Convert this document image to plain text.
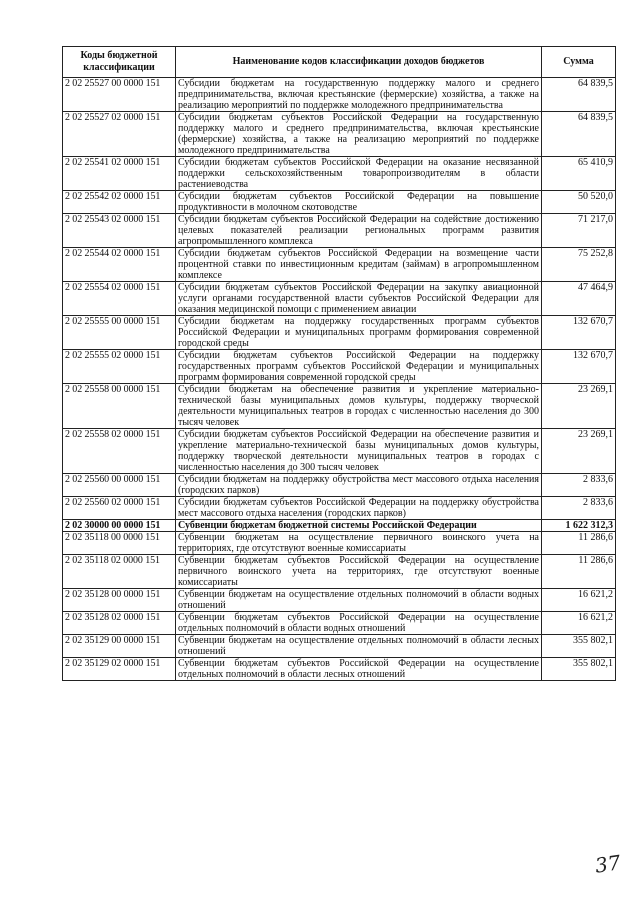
Коды бюджетной классификации	Наименование кодов классификации доходов бюджетов	Сумма
2 02 25527 00 0000 151	Субсидии бюджетам на государственную поддержку малого и среднего предпринимательства, включая крестьянские (фермерские) хозяйства, а также на реализацию мероприятий по поддержке молодежного предпринимательства	64 839,5
2 02 25527 02 0000 151	Субсидии бюджетам субъектов Российской Федерации на государственную поддержку малого и среднего предпринимательства, включая крестьянские (фермерские) хозяйства, а также на реализацию мероприятий по поддержке молодежного предпринимательства	64 839,5
2 02 25541 02 0000 151	Субсидии бюджетам субъектов Российской Федерации на оказание несвязанной поддержки сельскохозяйственным товаропроизводителям в области растениеводства	65 410,9
2 02 25542 02 0000 151	Субсидии бюджетам субъектов Российской Федерации на повышение продуктивности в молочном скотоводстве	50 520,0
2 02 25543 02 0000 151	Субсидии бюджетам субъектов Российской Федерации на содействие достижению целевых показателей реализации региональных программ развития агропромышленного комплекса	71 217,0
2 02 25544 02 0000 151	Субсидии бюджетам субъектов Российской Федерации на возмещение части процентной ставки по инвестиционным кредитам (займам) в агропромышленном комплексе	75 252,8
2 02 25554 02 0000 151	Субсидии бюджетам субъектов Российской Федерации на закупку авиационной услуги органами государственной власти субъектов Российской Федерации для оказания медицинской помощи с применением авиации	47 464,9
2 02 25555 00 0000 151	Субсидии бюджетам на поддержку государственных программ субъектов Российской Федерации и муниципальных программ формирования современной городской среды	132 670,7
2 02 25555 02 0000 151	Субсидии бюджетам субъектов Российской Федерации на поддержку государственных программ субъектов Российской Федерации и муниципальных программ формирования современной городской среды	132 670,7
2 02 25558 00 0000 151	Субсидии бюджетам на обеспечение развития и укрепление материально-технической базы муниципальных домов культуры, поддержку творческой деятельности муниципальных театров в городах с численностью населения до 300 тысяч человек	23 269,1
2 02 25558 02 0000 151	Субсидии бюджетам субъектов Российской Федерации на обеспечение развития и укрепление материально-технической базы муниципальных домов культуры, поддержку творческой деятельности муниципальных театров в городах с численностью населения до 300 тысяч человек	23 269,1
2 02 25560 00 0000 151	Субсидии бюджетам на поддержку обустройства мест массового отдыха населения (городских парков)	2 833,6
2 02 25560 02 0000 151	Субсидии бюджетам субъектов Российской Федерации на поддержку обустройства мест массового отдыха населения (городских парков)	2 833,6
2 02 30000 00 0000 151	Субвенции бюджетам бюджетной системы Российской Федерации	1 622 312,3
2 02 35118 00 0000 151	Субвенции бюджетам на осуществление первичного воинского учета на территориях, где отсутствуют военные комиссариаты	11 286,6
2 02 35118 02 0000 151	Субвенции бюджетам субъектов Российской Федерации на осуществление первичного воинского учета на территориях, где отсутствуют военные комиссариаты	11 286,6
2 02 35128 00 0000 151	Субвенции бюджетам на осуществление отдельных полномочий в области водных отношений	16 621,2
2 02 35128 02 0000 151	Субвенции бюджетам субъектов Российской Федерации на осуществление отдельных полномочий в области водных отношений	16 621,2
2 02 35129 00 0000 151	Субвенции бюджетам на осуществление отдельных полномочий в области лесных отношений	355 802,1
2 02 35129 02 0000 151	Субвенции бюджетам субъектов Российской Федерации на осуществление отдельных полномочий в области лесных отношений	355 802,1
37
